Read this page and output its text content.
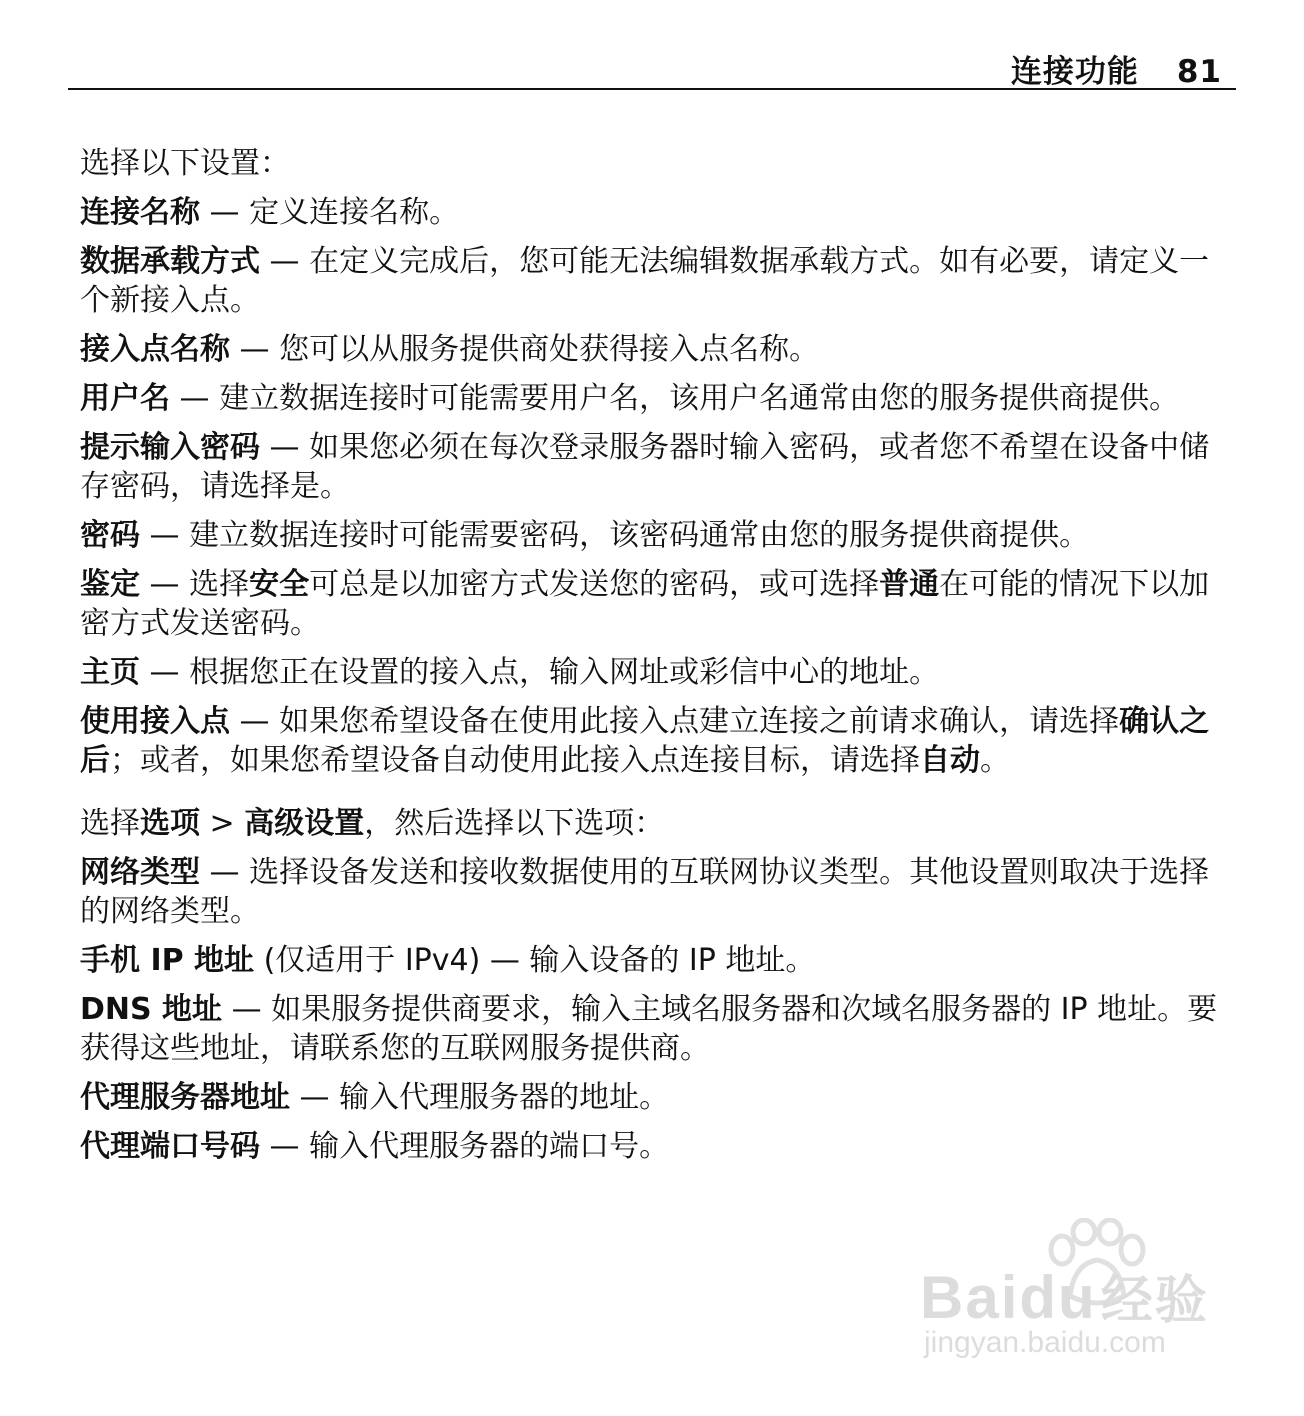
连接功能 81

选择以下设置：

连接名称 — 定义连接名称。

数据承载方式 — 在定义完成后，您可能无法编辑数据承载方式。如有必要，请定义一个新接入点。

接入点名称 — 您可以从服务提供商处获得接入点名称。

用户名 — 建立数据连接时可能需要用户名，该用户名通常由您的服务提供商提供。

提示输入密码 — 如果您必须在每次登录服务器时输入密码，或者您不希望在设备中储存密码，请选择是。

密码 — 建立数据连接时可能需要密码，该密码通常由您的服务提供商提供。

鉴定 — 选择安全可总是以加密方式发送您的密码，或可选择普通在可能的情况下以加密方式发送密码。

主页 — 根据您正在设置的接入点，输入网址或彩信中心的地址。

使用接入点 — 如果您希望设备在使用此接入点建立连接之前请求确认，请选择确认之后；或者，如果您希望设备自动使用此接入点连接目标，请选择自动。

选择选项 > 高级设置，然后选择以下选项：

网络类型 — 选择设备发送和接收数据使用的互联网协议类型。其他设置则取决于选择的网络类型。

手机 IP 地址 (仅适用于 IPv4) — 输入设备的 IP 地址。

DNS 地址 — 如果服务提供商要求，输入主域名服务器和次域名服务器的 IP 地址。要获得这些地址，请联系您的互联网服务提供商。

代理服务器地址 — 输入代理服务器的地址。

代理端口号码 — 输入代理服务器的端口号。

Baidu经验
jingyan.baidu.com
